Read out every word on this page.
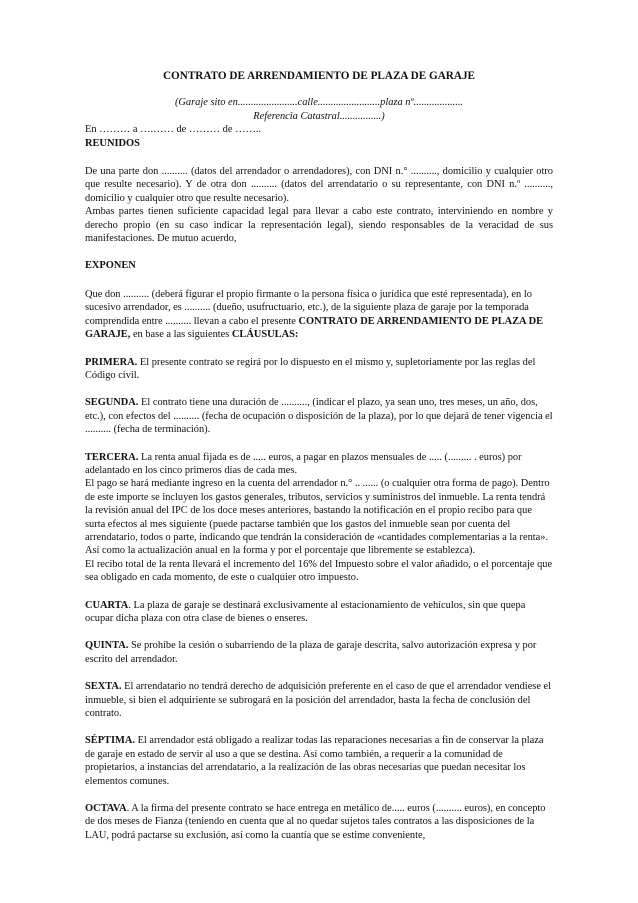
CONTRATO DE ARRENDAMIENTO DE PLAZA DE GARAJE

(Garaje sito en.......................calle........................plaza nº...................

Referencia Catastral................)

En ……… a ….…… de ……… de ……..

REUNIDOS

De una parte don .......... (datos del arrendador o arrendadores), con DNI n.° .........., domicilio y cualquier otro que resulte necesario). Y de otra don .......... (datos del arrendatario o su representante, con DNI n.º .........., domicilio y cualquier otro que resulte necesario).

Ambas partes tienen suficiente capacidad legal para llevar a cabo este contrato, interviniendo en nombre y derecho propio (en su caso indicar la representación legal), siendo responsables de la veracidad de sus manifestaciones. De mutuo acuerdo,

EXPONEN

Que don .......... (deberá figurar el propio firmante o la persona física o jurídica que esté representada), en lo sucesivo arrendador, es .......... (dueño, usufructuario, etc.), de la siguiente plaza de garaje por la temporada comprendida entre .......... llevan a cabo el presente CONTRATO DE ARRENDAMIENTO DE PLAZA DE GARAJE, en base a las siguientes CLÁUSULAS:

PRIMERA. El presente contrato se regirá por lo dispuesto en el mismo y, supletoriamente por las reglas del Código civil.

SEGUNDA. El contrato tiene una duración de .........., (indicar el plazo, ya sean uno, tres meses, un año, dos, etc.), con efectos del .......... (fecha de ocupación o disposición de la plaza), por lo que dejará de tener vigencia el .......... (fecha de terminación).

TERCERA. La renta anual fijada es de ..... euros, a pagar en plazos mensuales de ..... (......... . euros) por adelantado en los cinco primeros días de cada mes.

El pago se hará mediante ingreso en la cuenta del arrendador n.° .. ...... (o cualquier otra forma de pago). Dentro de este importe se incluyen los gastos generales, tributos, servicios y suministros del inmueble. La renta tendrá la revisión anual del IPC de los doce meses anteriores, bastando la notificación en el propio recibo para que surta efectos al mes siguiente (puede pactarse también que los gastos del inmueble sean por cuenta del arrendatario, todos o parte, indicando que tendrán la consideración de «cantidades complementarias a la renta». Así como la actualización anual en la forma y por el porcentaje que libremente se establezca).

El recibo total de la renta llevará el incremento del 16% del Impuesto sobre el valor añadido, o el porcentaje que sea obligado en cada momento, de este o cualquier otro impuesto.

CUARTA. La plaza de garaje se destinará exclusivamente al estacionamiento de vehículos, sin que quepa ocupar dicha plaza con otra clase de bienes o enseres.

QUINTA. Se prohíbe la cesión o subarriendo de la plaza de garaje descrita, salvo autorización expresa y por escrito del arrendador.

SEXTA. El arrendatario no tendrá derecho de adquisición preferente en el caso de que el arrendador vendiese el inmueble, si bien el adquiriente se subrogará en la posición del arrendador, hasta la fecha de conclusión del contrato.

SÉPTIMA. El arrendador está obligado a realizar todas las reparaciones necesarias a fin de conservar la plaza de garaje en estado de servir al uso a que se destina. Así como también, a requerir a la comunidad de propietarios, a instancias del arrendatario, a la realización de las obras necesarias que puedan necesitar los elementos comunes.

OCTAVA. A la firma del presente contrato se hace entrega en metálico de..... euros (.......... euros), en concepto de dos meses de Fianza (teniendo en cuenta que al no quedar sujetos tales contratos a las disposiciones de la LAU, podrá pactarse su exclusión, así como la cuantía que se estime conveniente,
